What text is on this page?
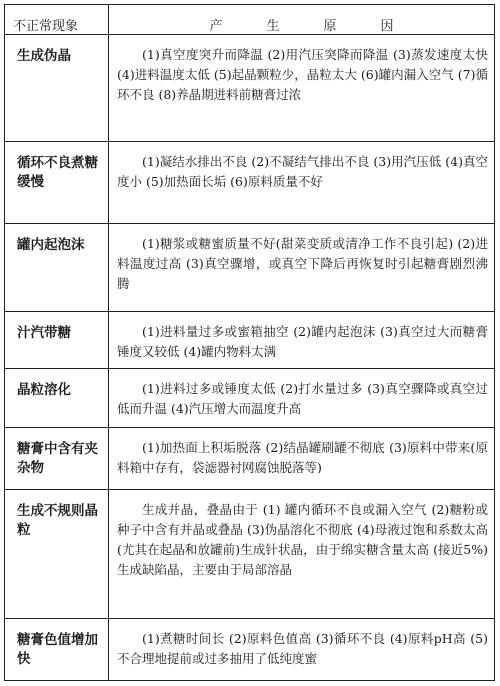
不正常现象	产生原因
生成伪晶	(1)真空度突升而降温 (2)用汽压突降而降温 (3)蒸发速度太快 (4)进料温度太低 (5)起晶颗粒少，晶粒太大 (6)罐内漏入空气 (7)循环不良 (8)养晶期进料前糖膏过浓
循环不良煮糖缓慢	(1)凝结水排出不良 (2)不凝结气排出不良 (3)用汽压低 (4)真空度小 (5)加热面长垢 (6)原料质量不好
罐内起泡沫	(1)糖浆或糖蜜质量不好(甜菜变质或清净工作不良引起) (2)进料温度过高 (3)真空骤增，或真空下降后再恢复时引起糖膏剧烈沸腾
汁汽带糖	(1)进料量过多或蜜箱抽空 (2)罐内起泡沫 (3)真空过大而糖膏锤度又较低 (4)罐内物料太满
晶粒溶化	(1)进料过多或锤度太低 (2)打水量过多 (3)真空骤降或真空过低而升温 (4)汽压增大而温度升高
糖膏中含有夹杂物	(1)加热面上积垢脱落 (2)结晶罐刷罐不彻底 (3)原料中带来(原料箱中存有，袋滤器衬网腐蚀脱落等)
生成不规则晶粒	生成并晶，叠晶由于 (1) 罐内循环不良或漏入空气 (2)糖粉或种子中含有并晶或叠晶 (3)伪晶溶化不彻底 (4)母液过饱和系数太高(尤其在起晶和放罐前)生成针状晶，由于绵实糖含量太高 (接近5%) 生成缺陷晶，主要由于局部溶晶
糖膏色值增加快	(1)煮糖时间长 (2)原料色值高 (3)循环不良 (4)原料pH高 (5)不合理地提前或过多抽用了低纯度蜜
